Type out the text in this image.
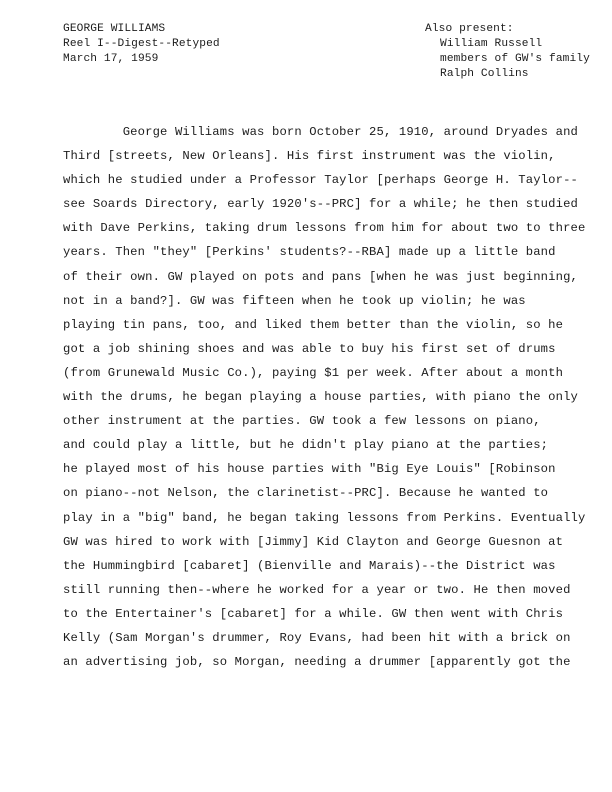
GEORGE WILLIAMS
Reel I--Digest--Retyped
March 17, 1959
Also present:
William Russell
members of GW's family
Ralph Collins
George Williams was born October 25, 1910, around Dryades and
Third [streets, New Orleans]. His first instrument was the violin,
which he studied under a Professor Taylor [perhaps George H. Taylor--
see Soards Directory, early 1920's--PRC] for a while; he then studied
with Dave Perkins, taking drum lessons from him for about two to three
years. Then "they" [Perkins' students?--RBA] made up a little band
of their own. GW played on pots and pans [when he was just beginning,
not in a band?]. GW was fifteen when he took up violin; he was
playing tin pans, too, and liked them better than the violin, so he
got a job shining shoes and was able to buy his first set of drums
(from Grunewald Music Co.), paying $1 per week. After about a month
with the drums, he began playing a house parties, with piano the only
other instrument at the parties. GW took a few lessons on piano,
and could play a little, but he didn't play piano at the parties;
he played most of his house parties with "Big Eye Louis" [Robinson
on piano--not Nelson, the clarinetist--PRC]. Because he wanted to
play in a "big" band, he began taking lessons from Perkins. Eventually
GW was hired to work with [Jimmy] Kid Clayton and George Guesnon at
the Hummingbird [cabaret] (Bienville and Marais)--the District was
still running then--where he worked for a year or two. He then moved
to the Entertainer's [cabaret] for a while. GW then went with Chris
Kelly (Sam Morgan's drummer, Roy Evans, had been hit with a brick on
an advertising job, so Morgan, needing a drummer [apparently got the
